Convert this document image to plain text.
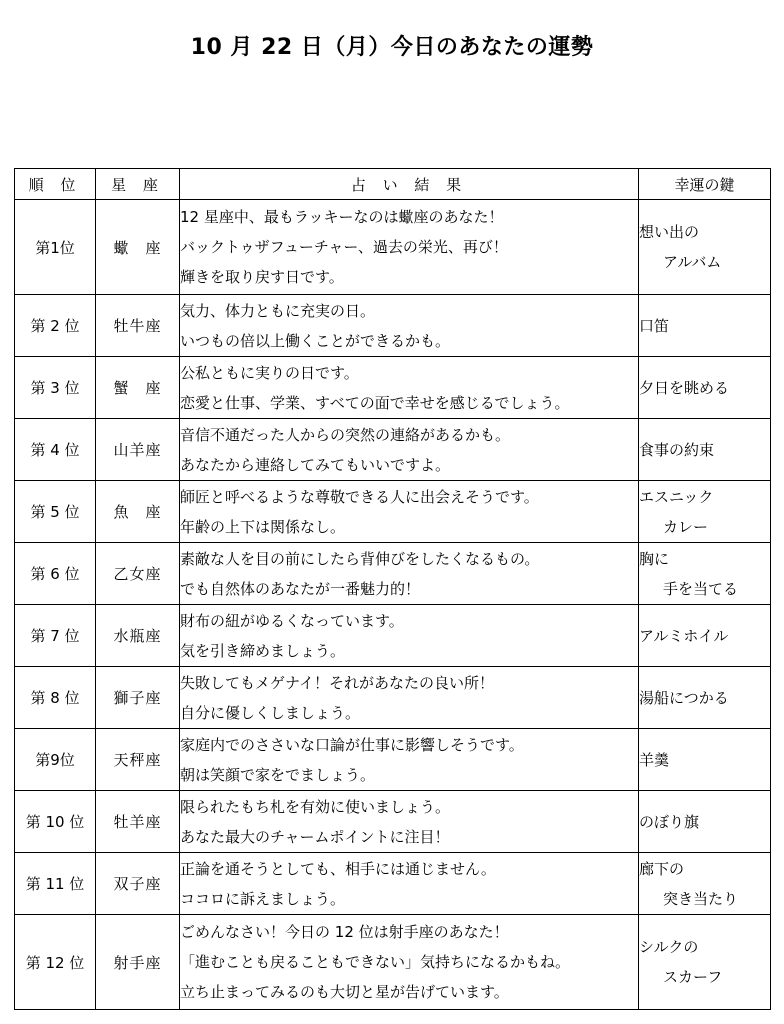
10 月 22 日（月）今日のあなたの運勢
順 位	星 座	占 い 結 果	幸運の鍵
第1位	蠍　座	12 星座中、最もラッキーなのは蠍座のあなた！
バックトゥザフューチャー、過去の栄光、再び！
輝きを取り戻す日です。	想い出の
アルバム

第 2 位	牡牛座	気力、体力ともに充実の日。
いつもの倍以上働くことができるかも。	口笛

第 3 位	蟹　座	公私ともに実りの日です。
恋愛と仕事、学業、すべての面で幸せを感じるでしょう。	夕日を眺める

第 4 位	山羊座	音信不通だった人からの突然の連絡があるかも。
あなたから連絡してみてもいいですよ。	食事の約束

第 5 位	魚　座	師匠と呼べるような尊敬できる人に出会えそうです。
年齢の上下は関係なし。	エスニック
カレー

第 6 位	乙女座	素敵な人を目の前にしたら背伸びをしたくなるもの。
でも自然体のあなたが一番魅力的！	胸に
手を当てる

第 7 位	水瓶座	財布の紐がゆるくなっています。
気を引き締めましょう。	アルミホイル

第 8 位	獅子座	失敗してもメゲナイ！それがあなたの良い所！
自分に優しくしましょう。	湯船につかる

第9位	天秤座	家庭内でのささいな口論が仕事に影響しそうです。
朝は笑顔で家をでましょう。	羊羹

第 10 位	牡羊座	限られたもち札を有効に使いましょう。
あなた最大のチャームポイントに注目！	のぼり旗

第 11 位	双子座	正論を通そうとしても、相手には通じません。
ココロに訴えましょう。	廊下の
突き当たり

第 12 位	射手座	ごめんなさい！今日の 12 位は射手座のあなた！
「進むことも戻ることもできない」気持ちになるかもね。
立ち止まってみるのも大切と星が告げています。	シルクの
スカーフ
